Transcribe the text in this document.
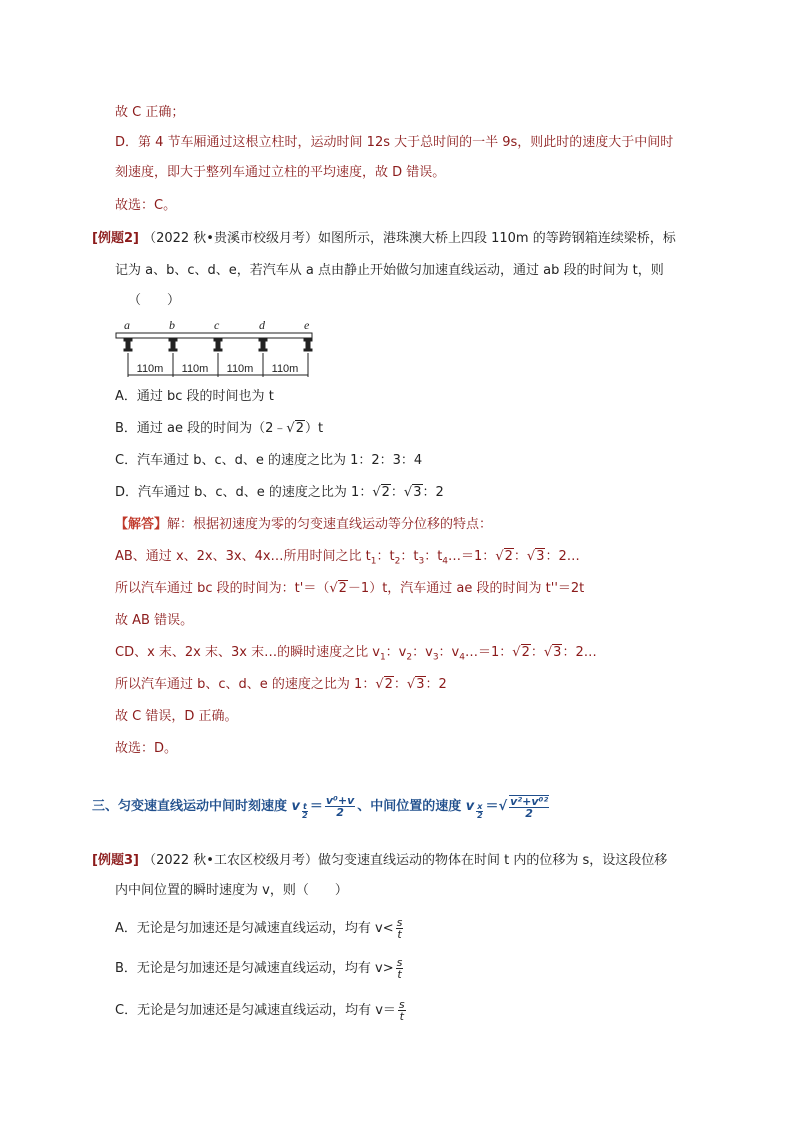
故 C 正确；
D．第 4 节车厢通过这根立柱时，运动时间 12s 大于总时间的一半 9s，则此时的速度大于中间时
刻速度，即大于整列车通过立柱的平均速度，故 D 错误。
故选：C。
[例题2] （2022 秋•贵溪市校级月考）如图所示，港珠澳大桥上四段 110m 的等跨钢箱连续梁桥，标
记为 a、b、c、d、e，若汽车从 a 点由静止开始做匀加速直线运动，通过 ab 段的时间为 t，则
（　　）
a	b	c	d	e
110m 110m 110m 110m
A．通过 bc 段的时间也为 t
B．通过 ae 段的时间为（2﹣√2）t
C．汽车通过 b、c、d、e 的速度之比为 1：2：3：4
D．汽车通过 b、c、d、e 的速度之比为 1：√2：√3：2
【解答】解：根据初速度为零的匀变速直线运动等分位移的特点：
AB、通过 x、2x、3x、4x…所用时间之比 $t_1$：$t_2$：$t_3$：$t_4\dots=1$：√2：√3：2…
所以汽车通过 bc 段的时间为：t'＝（√2－1）t，汽车通过 ae 段的时间为 t''＝2t
故 AB 错误。
CD、x 末、2x 末、3x 末…的瞬时速度之比 $v_1$：$v_2$：$v_3$：$v_4\dots=1$：√2：√3：2…
所以汽车通过 b、c、d、e 的速度之比为 1：√2：√3：2
故 C 错误，D 正确。
故选：D。
三、匀变速直线运动中间时刻速度 v $\frac{t}{2} = \frac{\text{v⁰+v}}{2}$ 、中间位置的速度 v $\frac{x}{2}$ ＝√ $\frac{\text{v²+v⁰²}}{2}$
[例题3] （2022 秋•工农区校级月考）做匀变速直线运动的物体在时间 t 内的位移为 s，设这段位移
内中间位置的瞬时速度为 v，则（　　）
A．无论是匀加速还是匀减速直线运动，均有 $v< \frac{s}{t}$
B．无论是匀加速还是匀减速直线运动，均有 $v> \frac{s}{t}$
C．无论是匀加速还是匀减速直线运动，均有 $v= \frac{s}{t}$
